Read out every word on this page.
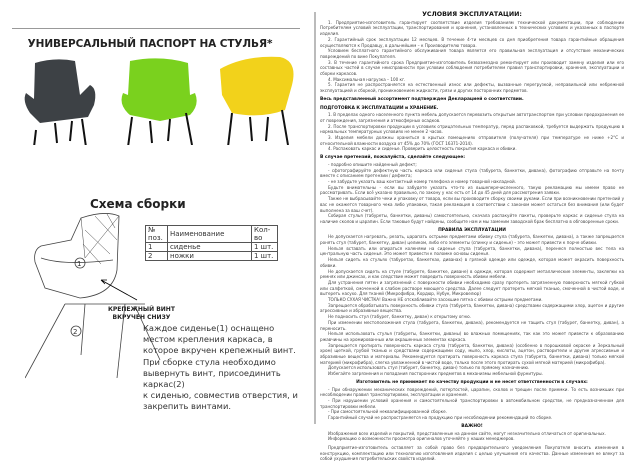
УНИВЕРСАЛЬНЫЙ ПАСПОРТ НА СТУЛЬЯ*
Схема сборки
№ поз.	Наименование	Кол-во
1	сиденье	1 шт.
2	ножки	1 шт.
1
2
КРЕПЕЖНЫЙ ВИНТ
ВКРУЧЕН СНИЗУ
Каждое сиденье(1) оснащено местом крепления каркаса, в которое вкручен крепежный винт.
При сборке стула необходимо вывернуть винт, присоединить каркас(2)
к сиденью, совместив отверстия, и закрепить винтами.
УСЛОВИЯ ЭКСПЛУАТАЦИИ:

1. Предприятие-изготовитель гарантирует соответствие изделия требованиям технической документации, при соблюдении Потребителем условий эксплуатации, транспортирования и хранения, установленных в технических условиях и указанных в паспорте изделия.

2. Гарантийный срок эксплуатации 12 месяцев. В течение 4-ти месяцев со дня приобретения товара гарантийные обращения осуществляются к Продавцу, в дальнейшем – к Производителю товара.

Условием бесплатного гарантийного обслуживания товара является его правильная эксплуатация и отсутствие механических повреждений по вине Покупателя.

3. В течение гарантийного срока Предприятие-изготовитель безвозмездно ремонтирует или производит замену изделия или его составных частей в случае неисправности при условии соблюдения потребителем правил транспортировки, хранения, эксплуатации и сборки каркасов.

4. Максимальная нагрузка – 100 кг.

5. Гарантия не распространяется на естественный износ или дефекты, вызванные перегрузкой, неправильной или небрежной эксплуатацией и сборкой, проникновением жидкости, грязи и других посторонних предметов.

Весь представленный ассортимент подтвержден Декларацией о соответствии.
ПОДГОТОВКА К ЭКСПЛУАТАЦИИ и ХРАНЕНИЕ.

1. В пределах одного населенного пункта мебель допускается перевозить открытым автотранспортом при условии предохранения ее от повреждения, загрязнения и атмосферных осадков.

2. После транспортировки продукции в условиях отрицательных температур, перед распаковкой, требуется выдержать продукцию в нормальных температурных условиях не менее 2 часов.

3. Изделия мебели должны храниться в крытых помещениях отправителя (получателя) при температуре не ниже +2°С и относительной влажности воздуха от 45% до 70% (ГОСТ 16371-2014).

4. Распаковать каркас и сиденье. Проверить целостность покрытия каркаса и обивки.

В случае претензий, пожалуйста, сделайте следующее:

- подробно опишите найденный дефект;

- сфотографируйте дефектную часть каркаса или сиденья стула (табурета, банкетки, дивана), фотографию отправьте на почту вместе с описанием претензии / дефекта;

- не забудьте указать ваш контактный номер телефона и номер товарной накладной.

Будьте внимательны - если вы забудете указать что-то из вышеперечисленного, такую рекламацию мы имеем право не рассматривать. Если всё указано правильно, по закону у нас есть от 14 до 45 дней для рассмотрения заявки.

Также не выбрасывайте чеки и упаковку от товара, если вы производите сборку своими руками. Если при возникновении претензий у вас не окажется товарного чека либо упаковки, такая рекламация в соответствии с законом может остаться без внимания (или будет выполнена за ваш счет).

Собирая стулья (табуреты, банкетки, диваны) самостоятельно, сначала распакуйте пакеты, проверьте каркас и сиденье стула на наличие сколов и царапин. Если таковые будут найдены, сообщите нам и мы заменим заводской брак бесплатно в обговоренные сроки.

ПРАВИЛА ЭКСПЛУАТАЦИИ

Не допускается нагревать, резать, царапать острыми предметами обивку стула (табурета, банкетки, дивана), а также запрещается ронять стул (табурет, банкетку, диван) целиком, либо его элементы (спинку и сиденье) – это может привести к порче обивки.

Нельзя вставать или опираться коленями на сиденье стула (табурета, банкетки, дивана), перенеся полностью вес тела на центральную часть сиденья. Это может привести к поломке основы сиденья.

Нельзя сидеть на стульях (табуретах, банкетках, диванах) в грязной одежде или одежде, которая может окрасить поверхность обивки.

Не допускается сидеть на стуле (табурете, банкетке, диване) в одежде, которая содержит металлические элементы, заклепки на ремнях или джинсах, и как следствие может повредить поверхность обивки мебели.

Для устранения пятен и загрязнений с поверхности обивки необходимо сразу протереть загрязненную поверхность мягкой губкой или салфеткой, смоченной в слабом растворе моющего средства. Далее следует протереть мягкой тканью, смоченной в чистой воде, и вытереть насухо. Для тканей (Микрофибра, Кордюр, Нубук, Микровелюр)

ТОЛЬКО СУХАЯ ЧИСТКА! Важно НЕ отскабливайте засохшие пятна с обивки острыми предметами.

Запрещается обрабатывать поверхность обивки стула (табурета, банкетки, дивана) средствами содержащими хлор, ацетон и другие агрессивные и абразивные вещества.

Не подносить стул (табурет, банкетку, диван) к открытому огню.

При изменении местоположения стула (табурета, банкетки, дивана), рекомендуется не тащить стул (табурет, банкетку, диван), а переносить.

Нельзя использовать стулья (табуреты, банкетки, диваны) во влажных помещениях, так как это может привести к образованию ржавчины на хромированных или окрашенных элементах каркаса.

Запрещается протирать поверхность каркаса стула (табурета, банкетки, дивана) (особенно в порошковой окраске и Зеркальный хром) щеткой, грубой тканью и средствами содержащими соду, мыло, хлор, кислоты, ацетон, растворители и другие агрессивные и абразивные вещества и материалы. Рекомендуется протирать поверхность каркаса стула (табурета, банкетки, дивана) только мягкой материей (микрофибра), слегка увлажненной в чистой воде, только после этого протирать сухой мягкой материей (микрофибра).

Допускается использовать стул (табурет, банкетку, диван) только по прямому назначению.

Избегайте загрязнения и попадания посторонних предметов в механизмы мебельной фурнитуры.

Изготовитель не принимает по качеству продукции и не несет ответственности в случаях:

- При обнаружении механических повреждений, потертостей, царапин, сколов и трещин после приемки. То есть возникших при несоблюдении правил транспортировки, эксплуатации и хранения.

- При нарушении условий хранения и самостоятельной транспортировки в автомобильном средстве, не предназначенном для транспортировки мебели.

- При самостоятельной неквалифицированной сборке.

Гарантийный случай не распространяется на продукцию при несоблюдении рекомендаций по сборке.

ВАЖНО!

Изображения всех изделий и покрытий, представленные на данном сайте, могут незначительно отличаться от оригинальных.

Информацию о возможности просмотра оригиналов уточняйте у наших менеджеров.

Предприятие-изготовитель оставляет за собой право без предварительного уведомления Покупателя вносить изменения в конструкцию, комплектацию или технологию изготовления изделия с целью улучшения его качества. Данные изменения не влекут за собой ухудшения потребительских свойств изделий.
